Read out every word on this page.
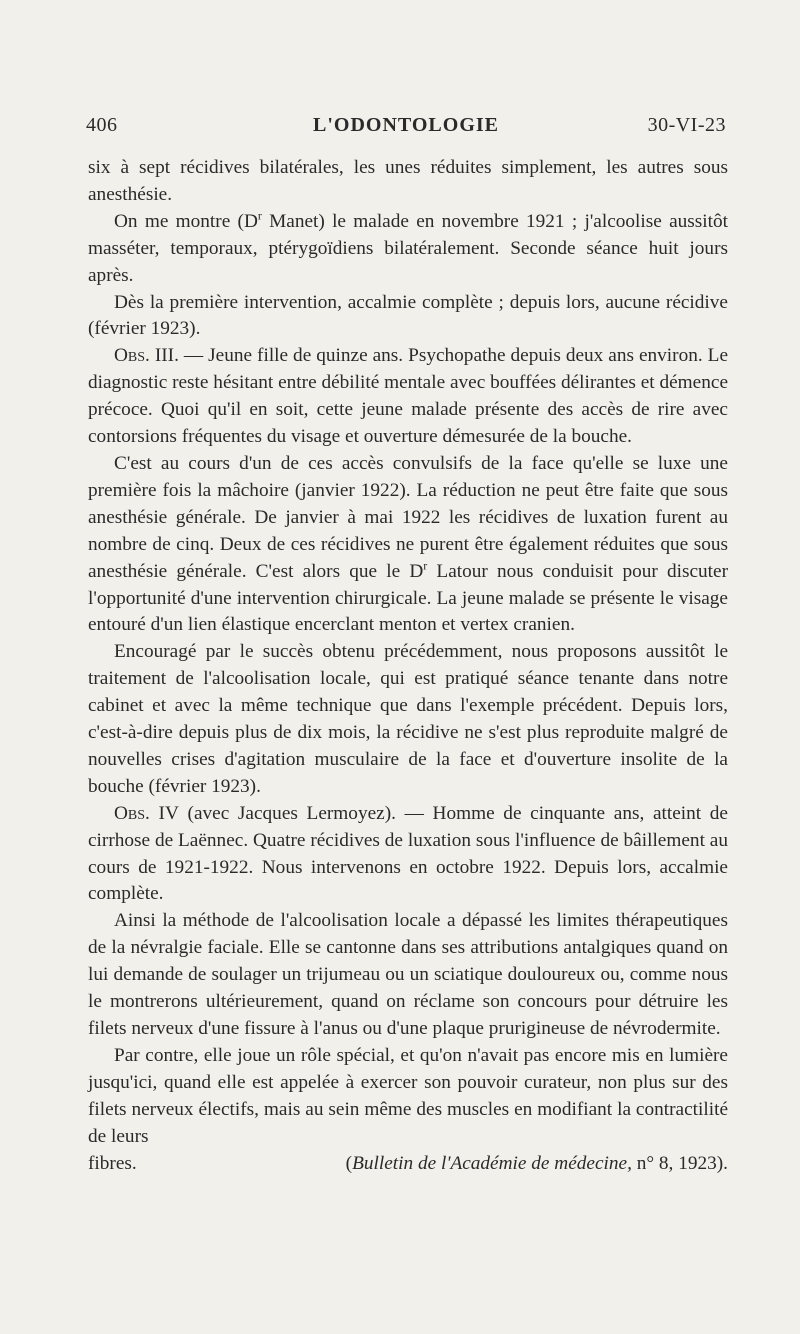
406	L'ODONTOLOGIE	30-VI-23

six à sept récidives bilatérales, les unes réduites simplement, les autres sous anesthésie.

On me montre ($D^r$ Manet) le malade en novembre 1921 ; j'alcoolise aussitôt masséter, temporaux, ptérygoïdiens bilatéralement. Seconde séance huit jours après.

Dès la première intervention, accalmie complète ; depuis lors, aucune récidive (février 1923).

Obs. III. — Jeune fille de quinze ans. Psychopathe depuis deux ans environ. Le diagnostic reste hésitant entre débilité mentale avec bouffées délirantes et démence précoce. Quoi qu'il en soit, cette jeune malade présente des accès de rire avec contorsions fréquentes du visage et ouverture démesurée de la bouche.

C'est au cours d'un de ces accès convulsifs de la face qu'elle se luxe une première fois la mâchoire (janvier 1922). La réduction ne peut être faite que sous anesthésie générale. De janvier à mai 1922 les récidives de luxation furent au nombre de cinq. Deux de ces récidives ne purent être également réduites que sous anesthésie générale. C'est alors que le $D^r$ Latour nous conduisit pour discuter l'opportunité d'une intervention chirurgicale. La jeune malade se présente le visage entouré d'un lien élastique encerclant menton et vertex cranien.

Encouragé par le succès obtenu précédemment, nous proposons aussitôt le traitement de l'alcoolisation locale, qui est pratiqué séance tenante dans notre cabinet et avec la même technique que dans l'exemple précédent. Depuis lors, c'est-à-dire depuis plus de dix mois, la récidive ne s'est plus reproduite malgré de nouvelles crises d'agitation musculaire de la face et d'ouverture insolite de la bouche (février 1923).

Obs. IV (avec Jacques Lermoyez). — Homme de cinquante ans, atteint de cirrhose de Laënnec. Quatre récidives de luxation sous l'influence de bâillement au cours de 1921-1922. Nous intervenons en octobre 1922. Depuis lors, accalmie complète.

Ainsi la méthode de l'alcoolisation locale a dépassé les limites thérapeutiques de la névralgie faciale. Elle se cantonne dans ses attributions antalgiques quand on lui demande de soulager un trijumeau ou un sciatique douloureux ou, comme nous le montrerons ultérieurement, quand on réclame son concours pour détruire les filets nerveux d'une fissure à l'anus ou d'une plaque prurigineuse de névrodermite.

Par contre, elle joue un rôle spécial, et qu'on n'avait pas encore mis en lumière jusqu'ici, quand elle est appelée à exercer son pouvoir curateur, non plus sur des filets nerveux électifs, mais au sein même des muscles en modifiant la contractilité de leurs

fibres.	(Bulletin de l'Académie de médecine, n° 8, 1923).
